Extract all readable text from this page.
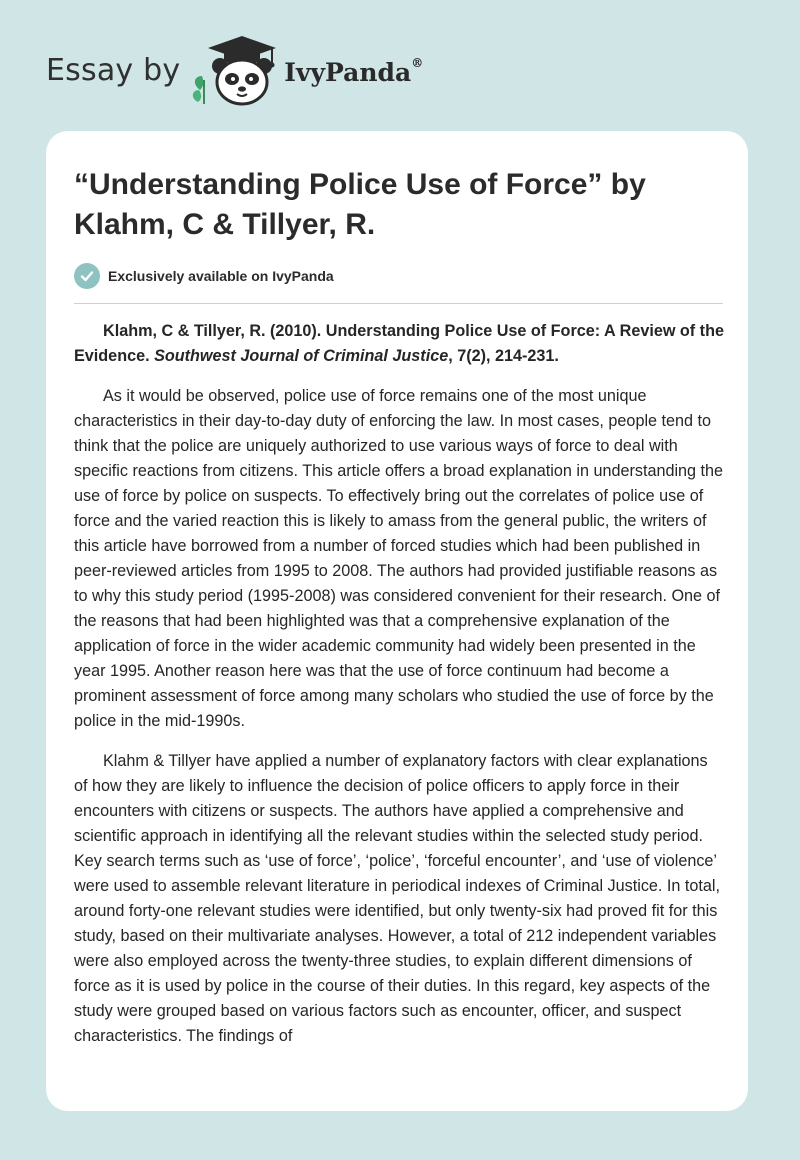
Essay by	IvyPanda®
“Understanding Police Use of Force” by Klahm, C & Tillyer, R.
Exclusively available on IvyPanda

Klahm, C & Tillyer, R. (2010). Understanding Police Use of Force: A Review of the Evidence. Southwest Journal of Criminal Justice, 7(2), 214-231.

As it would be observed, police use of force remains one of the most unique characteristics in their day-to-day duty of enforcing the law. In most cases, people tend to think that the police are uniquely authorized to use various ways of force to deal with specific reactions from citizens. This article offers a broad explanation in understanding the use of force by police on suspects. To effectively bring out the correlates of police use of force and the varied reaction this is likely to amass from the general public, the writers of this article have borrowed from a number of forced studies which had been published in peer-reviewed articles from 1995 to 2008. The authors had provided justifiable reasons as to why this study period (1995-2008) was considered convenient for their research. One of the reasons that had been highlighted was that a comprehensive explanation of the application of force in the wider academic community had widely been presented in the year 1995. Another reason here was that the use of force continuum had become a prominent assessment of force among many scholars who studied the use of force by the police in the mid-1990s.

Klahm & Tillyer have applied a number of explanatory factors with clear explanations of how they are likely to influence the decision of police officers to apply force in their encounters with citizens or suspects. The authors have applied a comprehensive and scientific approach in identifying all the relevant studies within the selected study period. Key search terms such as ‘use of force’, ‘police’, ‘forceful encounter’, and ‘use of violence’ were used to assemble relevant literature in periodical indexes of Criminal Justice. In total, around forty-one relevant studies were identified, but only twenty-six had proved fit for this study, based on their multivariate analyses. However, a total of 212 independent variables were also employed across the twenty-three studies, to explain different dimensions of force as it is used by police in the course of their duties. In this regard, key aspects of the study were grouped based on various factors such as encounter, officer, and suspect characteristics. The findings of
